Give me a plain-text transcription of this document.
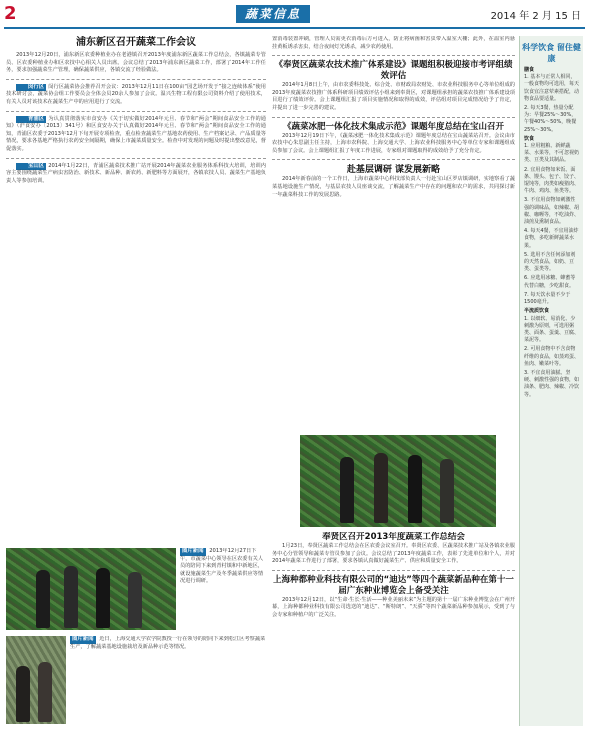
2	蔬菜信息	2014 年 2 月 15 日
浦东新区召开蔬菜工作会议

2013年12月20日，浦东新区农委种植业办在老港镇召开2013年度浦东新区蔬菜工作总结会，各镇蔬菜专管员、区农委种植业办和区农技中心相关人员出席。会议总结了2013年浦东新区蔬菜工作，部署了2014年工作任务，要求加强蔬菜生产管理，确保蔬菜供应，各镇交流了经验做法。

闵行区 闵行区蔬菜协会推荐召开会议：2013年12月11日在100亩“园艺场开发于”接之连续体系”使用技术研讨会，蔬菜协会组工作要员会全体会员20余人参加了会议。温兴生物工程有限公司资料介绍了使用技术，有关人员对该技术在蔬菜生产中的应用进行了交流。

青浦区 为认真贯彻落实市食安办《关于切实做好2014年元旦、春节和“两会”期间食品安全工作的通知》（沪食安办〔2013〕341号）和区食安办关于认真做好2014年元旦、春节和“两会”期间食品安全工作的通知，青浦区农委于2013年12月下旬开展专项检查，重点检查蔬菜生产基地农药使用、生产档案记录、产品质量等情况，要求各基地严格执行农药安全间隔期，确保上市蔬菜质量安全。检查中对发现的问题及时提出整改意见，督促落实。

宝山区 2014年1月22日，青浦区蔬菜技术推广站开展2014年蔬菜农业服务体系科技大培训，培训内容主要围绕蔬菜生产病虫害防治、新技术、新品种、新农药、新肥料等方面展开，各镇农技人员、蔬菜生产基地负责人等参加培训。

图片新闻 2013年12月27日下午，市蔬菜中心领导在区农委有关人员的陪同下来到青村镇和中新地区，就设施蔬菜生产及冬季蔬菜供应等情况进行调研。
图片新闻 近日，上海交通大学农学院教授一行在领导的陪同下来到松江区考察蔬菜生产，了解蔬菜基地设施栽培及新品种示范等情况。

置消毒装置冲刷，管理人员需更衣消毒后方可进入，防止将病菌和害虫带入温室大棚；此外，在温室内悬挂黄板诱杀害虫，结合夜间灯光诱杀，减少农药使用。

《奉贤区蔬菜农技术推广体系建设》课题组积极迎接市考评组绩效评估

2014年1月8日上午，由市农委科技处、综合处、市财政局农财处、市农业科技服务中心等单位组成的2013年度蔬菜农技推广体系科研项目绩效评估小组来到奉贤区，对课题组承担的蔬菜农技推广体系建设项目进行了绩效评价。会上课题组汇报了项目实施情况和取得的成效，评估组对项目完成情况给予了肯定，并提出了进一步完善的建议。

《蔬菜冰肥一体化技术集成示范》课题年度总结在宝山召开

2013年12月19日下午，《蔬菜冰肥一体化技术集成示范》课题年度总结在宝山蔬菜站召开。会议由市农技中心朱思副主任主持，上海市农科院、上海交通大学、上海农业科技服务中心等单位专家和课题组成员参加了会议。会上课题组汇报了年度工作进展，专家组对课题取得的成效给予了充分肯定。

赴基层调研 谋发展新略

2014年新春前的一个工作日，上海市蔬菜中心科技部负责人一行赴宝山区罗店镇调研，实地察看了蔬菜基地设施生产情况，与基层农技人员座谈交流，了解蔬菜生产中存在的问题和农户的需求，共同探讨新一年蔬菜科技工作的发展思路。

奉贤区召开2013年度蔬菜工作总结会

1月23日，奉贤区蔬菜工作总结会在区农委会议室召开。奉贤区农委、区蔬菜技术推广站及各镇农业服务中心分管领导和蔬菜专管员参加了会议。会议总结了2013年度蔬菜工作，表彰了先进单位和个人，并对2014年蔬菜工作进行了部署，要求各镇认真做好蔬菜生产、供应和质量安全工作。

上海种都种业科技有限公司的“迪达”等四个蔬菜新品种在第十一届广东种业博览会上备受关注

2013年12月12日，以“生命·生长·生活——种业美丽未来”为主题的第十一届广东种业博览会在广州开幕，上海种都种业科技有限公司选送的“迪达”、“斯特朗”、“天骄”等四个蔬菜新品种参加展示，受到了与会专家和种植户的广泛关注。

科学饮食 留住健康
膳食
1. 基本与正常人相同，一般食物均可选用，每天饮食宜注意荤素搭配，动物食品要适量。
2. 每天3餐，热量分配为：早餐25%～30%，午餐40%～50%，晚餐25%～30%。
饮食
1. 应用粗粮、新鲜蔬菜、水果等，不可忽视奶类、豆类及其制品。
2. 宜用食物如米饭、面条、馒头、包子、饺子、馄饨等，肉类如瘦猪肉、牛肉、鸡肉、鱼类等。
3. 不宜用食物如刺激性强的调味品，如辣椒、胡椒、咖喱等，不吃油炸、油煎及熏制食品。
4. 每天4餐，不宜用油炸食物，多吃新鲜蔬菜水果。
5. 选用不含任何添加剂的天然食品，如奶、豆类、蛋类等。
6. 应选用冰糖、蜂蜜等代替白糖，少吃甜食。
7. 每天饮水量不少于1500毫升。
半流质饮食
1. 以细软、易消化、少刺激为原则，可选用粥类、面条、蛋羹、豆腐、菜泥等。
2. 可用食物中不含食物纤维的食品，如蒸鸡蛋、鱼肉、嫩菜叶等。
3. 不宜食用油腻、坚硬、刺激性强的食物，如油条、肥肉、辣椒、冷饮等。
